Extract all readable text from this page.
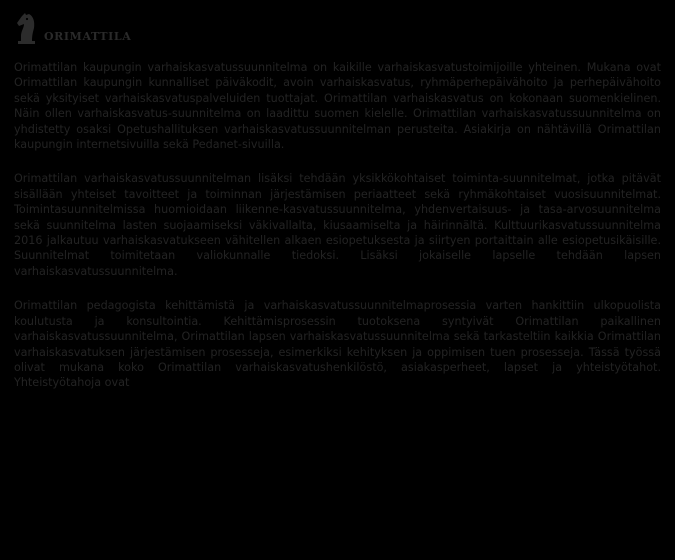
ORIMATTILA

Orimattilan kaupungin varhaiskasvatussuunnitelma on kaikille varhaiskasvatustoimijoille yhteinen. Mukana ovat Orimattilan kaupungin kunnalliset päiväkodit, avoin varhaiskasvatus, ryhmäperhepäivähoito ja perhepäivähoito sekä yksityiset varhaiskasvatuspalveluiden tuottajat. Orimattilan varhaiskasvatus on kokonaan suomenkielinen. Näin ollen varhaiskasvatus-suunnitelma on laadittu suomen kielelle. Orimattilan varhaiskasvatussuunnitelma on yhdistetty osaksi Opetushallituksen varhaiskasvatussuunnitelman perusteita. Asiakirja on nähtävillä Orimattilan kaupungin internetsivuilla sekä Pedanet-sivuilla.

Orimattilan varhaiskasvatussuunnitelman lisäksi tehdään yksikkökohtaiset toiminta-suunnitelmat, jotka pitävät sisällään yhteiset tavoitteet ja toiminnan järjestämisen periaatteet sekä ryhmäkohtaiset vuosisuunnitelmat. Toimintasuunnitelmissa huomioidaan liikenne-kasvatussuunnitelma, yhdenvertaisuus- ja tasa-arvosuunnitelma sekä suunnitelma lasten suojaamiseksi väkivallalta, kiusaamiselta ja häirinnältä. Kulttuurikasvatussuunnitelma 2016 jalkautuu varhaiskasvatukseen vähitellen alkaen esiopetuksesta ja siirtyen portaittain alle esiopetusikäisille. Suunnitelmat toimitetaan valiokunnalle tiedoksi. Lisäksi jokaiselle lapselle tehdään lapsen varhaiskasvatussuunnitelma.

Orimattilan pedagogista kehittämistä ja varhaiskasvatussuunnitelmaprosessia varten hankittiin ulkopuolista koulutusta ja konsultointia. Kehittämisprosessin tuotoksena syntyivät Orimattilan paikallinen varhaiskasvatussuunnitelma, Orimattilan lapsen varhaiskasvatussuunnitelma sekä tarkasteltiin kaikkia Orimattilan varhaiskasvatuksen järjestämisen prosesseja, esimerkiksi kehityksen ja oppimisen tuen prosesseja. Tässä työssä olivat mukana koko Orimattilan varhaiskasvatushenkilöstö, asiakasperheet, lapset ja yhteistyötahot. Yhteistyötahoja ovat
